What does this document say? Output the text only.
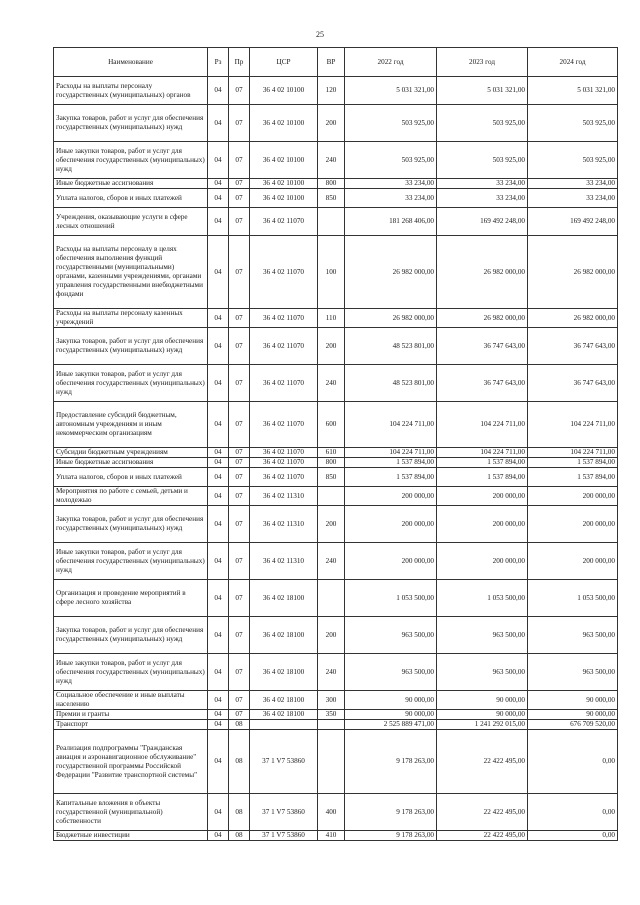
25
Наименование	Рз	Пр	ЦСР	ВР	2022 год	2023 год	2024 год
Расходы на выплаты персоналу государственных (муниципальных) органов	04	07	36 4 02 10100	120	5 031 321,00	5 031 321,00	5 031 321,00
Закупка товаров, работ и услуг для обеспечения государственных (муниципальных) нужд	04	07	36 4 02 10100	200	503 925,00	503 925,00	503 925,00
Иные закупки товаров, работ и услуг для обеспечения государственных (муниципальных) нужд	04	07	36 4 02 10100	240	503 925,00	503 925,00	503 925,00
Иные бюджетные ассигнования	04	07	36 4 02 10100	800	33 234,00	33 234,00	33 234,00
Уплата налогов, сборов и иных платежей	04	07	36 4 02 10100	850	33 234,00	33 234,00	33 234,00
Учреждения, оказывающие услуги в сфере лесных отношений	04	07	36 4 02 11070		181 268 406,00	169 492 248,00	169 492 248,00
Расходы на выплаты персоналу в целях обеспечения выполнения функций государственными (муниципальными) органами, казенными учреждениями, органами управления государственными внебюджетными фондами	04	07	36 4 02 11070	100	26 982 000,00	26 982 000,00	26 982 000,00
Расходы на выплаты персоналу казенных учреждений	04	07	36 4 02 11070	110	26 982 000,00	26 982 000,00	26 982 000,00
Закупка товаров, работ и услуг для обеспечения государственных (муниципальных) нужд	04	07	36 4 02 11070	200	48 523 801,00	36 747 643,00	36 747 643,00
Иные закупки товаров, работ и услуг для обеспечения государственных (муниципальных) нужд	04	07	36 4 02 11070	240	48 523 801,00	36 747 643,00	36 747 643,00
Предоставление субсидий бюджетным, автономным учреждениям и иным некоммерческим организациям	04	07	36 4 02 11070	600	104 224 711,00	104 224 711,00	104 224 711,00
Субсидии бюджетным учреждениям	04	07	36 4 02 11070	610	104 224 711,00	104 224 711,00	104 224 711,00
Иные бюджетные ассигнования	04	07	36 4 02 11070	800	1 537 894,00	1 537 894,00	1 537 894,00
Уплата налогов, сборов и иных платежей	04	07	36 4 02 11070	850	1 537 894,00	1 537 894,00	1 537 894,00
Мероприятия по работе с семьей, детьми и молодежью	04	07	36 4 02 11310		200 000,00	200 000,00	200 000,00
Закупка товаров, работ и услуг для обеспечения государственных (муниципальных) нужд	04	07	36 4 02 11310	200	200 000,00	200 000,00	200 000,00
Иные закупки товаров, работ и услуг для обеспечения государственных (муниципальных) нужд	04	07	36 4 02 11310	240	200 000,00	200 000,00	200 000,00
Организация и проведение мероприятий в сфере лесного хозяйства	04	07	36 4 02 18100		1 053 500,00	1 053 500,00	1 053 500,00
Закупка товаров, работ и услуг для обеспечения государственных (муниципальных) нужд	04	07	36 4 02 18100	200	963 500,00	963 500,00	963 500,00
Иные закупки товаров, работ и услуг для обеспечения государственных (муниципальных) нужд	04	07	36 4 02 18100	240	963 500,00	963 500,00	963 500,00
Социальное обеспечение и иные выплаты населению	04	07	36 4 02 18100	300	90 000,00	90 000,00	90 000,00
Премии и гранты	04	07	36 4 02 18100	350	90 000,00	90 000,00	90 000,00
Транспорт	04	08			2 525 889 471,00	1 241 292 015,00	676 709 520,00
Реализация подпрограммы "Гражданская авиация и аэронавигационное обслуживание" государственной программы Российской Федерации "Развитие транспортной системы"	04	08	37 1 V7 53860		9 178 263,00	22 422 495,00	0,00
Капитальные вложения в объекты государственной (муниципальной) собственности	04	08	37 1 V7 53860	400	9 178 263,00	22 422 495,00	0,00
Бюджетные инвестиции	04	08	37 1 V7 53860	410	9 178 263,00	22 422 495,00	0,00
